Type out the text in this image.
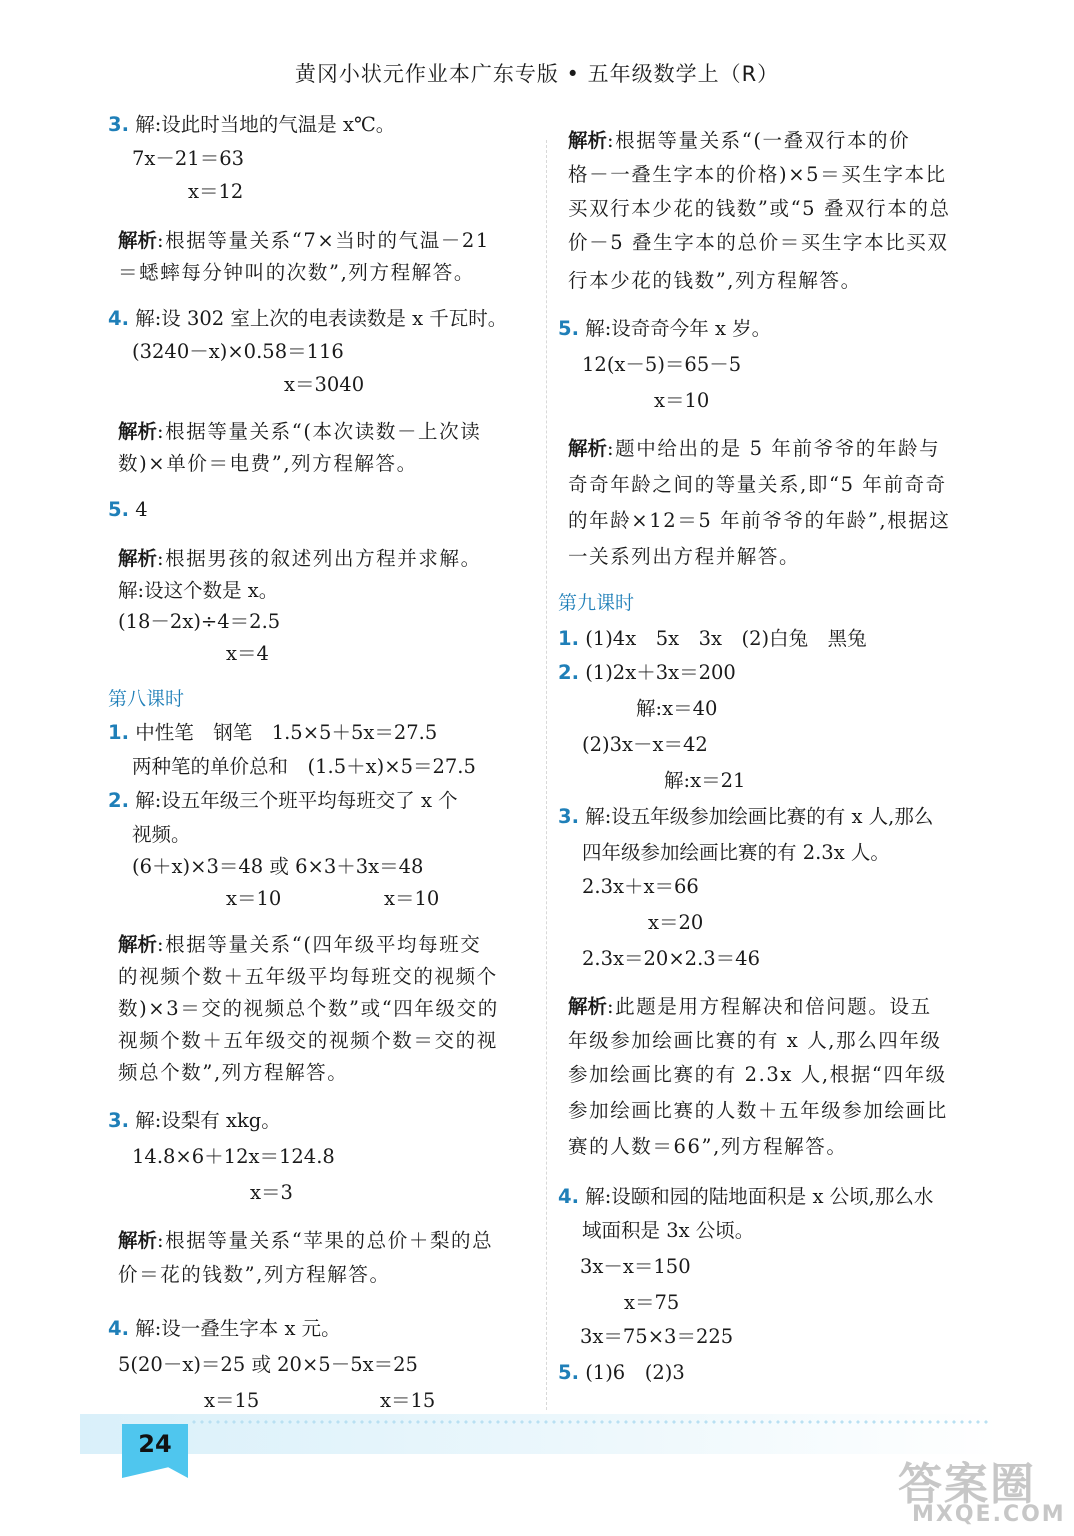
黄冈小状元作业本广东专版 • 五年级数学上（R）
3. 解:设此时当地的气温是 x℃。
7x－21＝63
x＝12
解析:根据等量关系“7×当时的气温－21
＝蟋蟀每分钟叫的次数”,列方程解答。
4. 解:设 302 室上次的电表读数是 x 千瓦时。
(3240－x)×0.58＝116
x＝3040
解析:根据等量关系“(本次读数－上次读
数)×单价＝电费”,列方程解答。
5. 4
解析:根据男孩的叙述列出方程并求解。
解:设这个数是 x。
(18－2x)÷4＝2.5
x＝4
第八课时
1. 中性笔　钢笔　1.5×5＋5x＝27.5
两种笔的单价总和　(1.5＋x)×5＝27.5
2. 解:设五年级三个班平均每班交了 x 个
视频。
(6＋x)×3＝48 或 6×3＋3x＝48
x＝10	x＝10
解析:根据等量关系“(四年级平均每班交
的视频个数＋五年级平均每班交的视频个
数)×3＝交的视频总个数”或“四年级交的
视频个数＋五年级交的视频个数＝交的视
频总个数”,列方程解答。
3. 解:设梨有 xkg。
14.8×6＋12x＝124.8
x＝3
解析:根据等量关系“苹果的总价＋梨的总
价＝花的钱数”,列方程解答。
4. 解:设一叠生字本 x 元。
5(20－x)＝25 或 20×5－5x＝25
x＝15	x＝15
解析:根据等量关系“(一叠双行本的价
格－一叠生字本的价格)×5＝买生字本比
买双行本少花的钱数”或“5 叠双行本的总
价－5 叠生字本的总价＝买生字本比买双
行本少花的钱数”,列方程解答。
5. 解:设奇奇今年 x 岁。
12(x－5)＝65－5
x＝10
解析:题中给出的是 5 年前爷爷的年龄与
奇奇年龄之间的等量关系,即“5 年前奇奇
的年龄×12＝5 年前爷爷的年龄”,根据这
一关系列出方程并解答。
第九课时
1. (1)4x　5x　3x　(2)白兔　黑兔
2. (1)2x＋3x＝200
解:x＝40
(2)3x－x＝42
解:x＝21
3. 解:设五年级参加绘画比赛的有 x 人,那么
四年级参加绘画比赛的有 2.3x 人。
2.3x＋x＝66
x＝20
2.3x＝20×2.3＝46
解析:此题是用方程解决和倍问题。设五
年级参加绘画比赛的有 x 人,那么四年级
参加绘画比赛的有 2.3x 人,根据“四年级
参加绘画比赛的人数＋五年级参加绘画比
赛的人数＝66”,列方程解答。
4. 解:设颐和园的陆地面积是 x 公顷,那么水
域面积是 3x 公顷。
3x－x＝150
x＝75
3x＝75×3＝225
5. (1)6　(2)3
24
答案圈
MXQE.COM
